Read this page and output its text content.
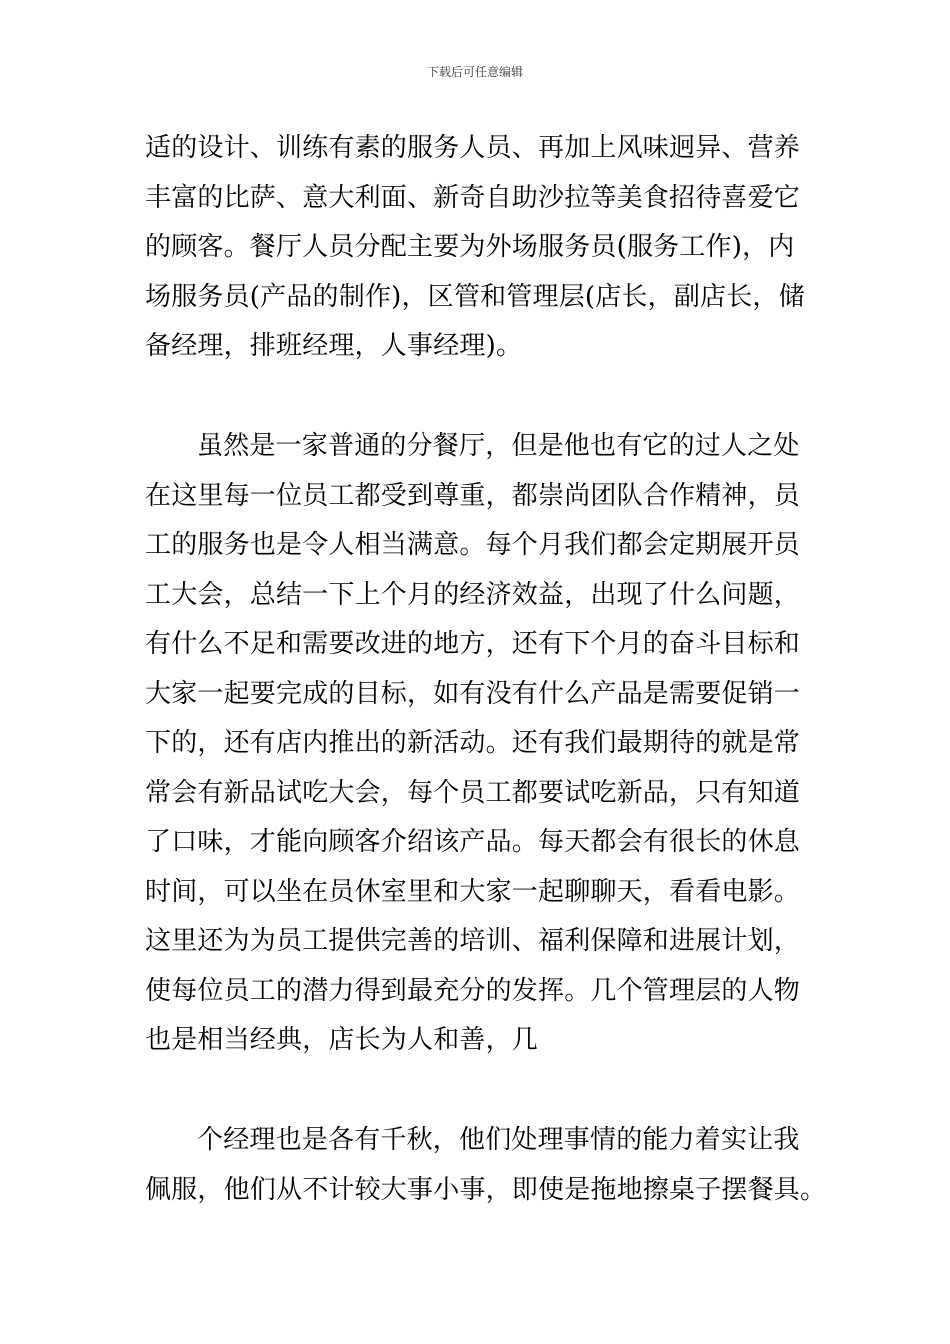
下载后可任意编辑
适的设计、训练有素的服务人员、再加上风味迥异、营养
丰富的比萨、意大利面、新奇自助沙拉等美食招待喜爱它
的顾客。餐厅人员分配主要为外场服务员(服务工作)，内
场服务员(产品的制作)，区管和管理层(店长，副店长，储
备经理，排班经理，人事经理)。
虽然是一家普通的分餐厅，但是他也有它的过人之处
在这里每一位员工都受到尊重，都崇尚团队合作精神，员
工的服务也是令人相当满意。每个月我们都会定期展开员
工大会，总结一下上个月的经济效益，出现了什么问题，
有什么不足和需要改进的地方，还有下个月的奋斗目标和
大家一起要完成的目标，如有没有什么产品是需要促销一
下的，还有店内推出的新活动。还有我们最期待的就是常
常会有新品试吃大会，每个员工都要试吃新品，只有知道
了口味，才能向顾客介绍该产品。每天都会有很长的休息
时间，可以坐在员休室里和大家一起聊聊天，看看电影。
这里还为为员工提供完善的培训、福利保障和进展计划，
使每位员工的潜力得到最充分的发挥。几个管理层的人物
也是相当经典，店长为人和善，几
个经理也是各有千秋，他们处理事情的能力着实让我
佩服，他们从不计较大事小事，即使是拖地擦桌子摆餐具。
